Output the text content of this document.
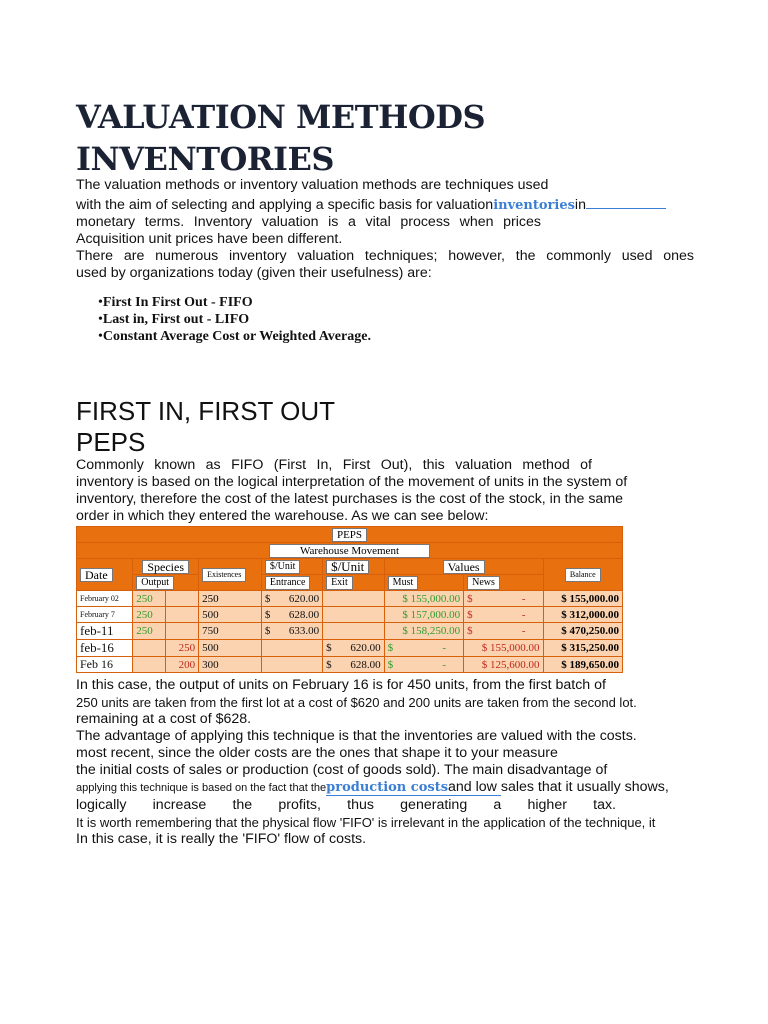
VALUATION METHODS
INVENTORIES
The valuation methods or inventory valuation methods are techniques used
with the aim of selecting and applying a specific basis for valuationinventoriesin
monetary terms. Inventory valuation is a vital process when prices
Acquisition unit prices have been different.
There are numerous inventory valuation techniques; however, the commonly used ones
used by organizations today (given their usefulness) are:
• First In First Out - FIFO
• Last in, First out - LIFO
• Constant Average Cost or Weighted Average.
FIRST IN, FIRST OUT
PEPS
Commonly known as FIFO (First In, First Out), this valuation method of
inventory is based on the logical interpretation of the movement of units in the system of
inventory, therefore the cost of the latest purchases is the cost of the stock, in the same
order in which they entered the warehouse. As we can see below:
PEPS									
Warehouse Movement									
Date	Species		Existences	$/Unit		$/Unit	Values		Balance
	Output			Entrance		Exit	Must	News	
February 02	250		250	$	620.00		$ 155,000.00	$ -	$ 155,000.00
February 7	250		500	$	628.00		$ 157,000.00	$ -	$ 312,000.00
feb-11	250		750	$	633.00		$ 158,250.00	$ -	$ 470,250.00
feb-16		250	500			$ 620.00	$ -	$ 155,000.00	$ 315,250.00
Feb 16		200	300			$ 628.00	$ -	$ 125,600.00	$ 189,650.00
In this case, the output of units on February 16 is for 450 units, from the first batch of
250 units are taken from the first lot at a cost of $620 and 200 units are taken from the second lot.
remaining at a cost of $628.
The advantage of applying this technique is that the inventories are valued with the costs.
most recent, since the older costs are the ones that shape it to your measure
the initial costs of sales or production (cost of goods sold). The main disadvantage of
applying this technique is based on the fact that theproduction costsand low sales that it usually shows,
logically increase the profits, thus generating a higher tax.
It is worth remembering that the physical flow 'FIFO' is irrelevant in the application of the technique, it
In this case, it is really the 'FIFO' flow of costs.
